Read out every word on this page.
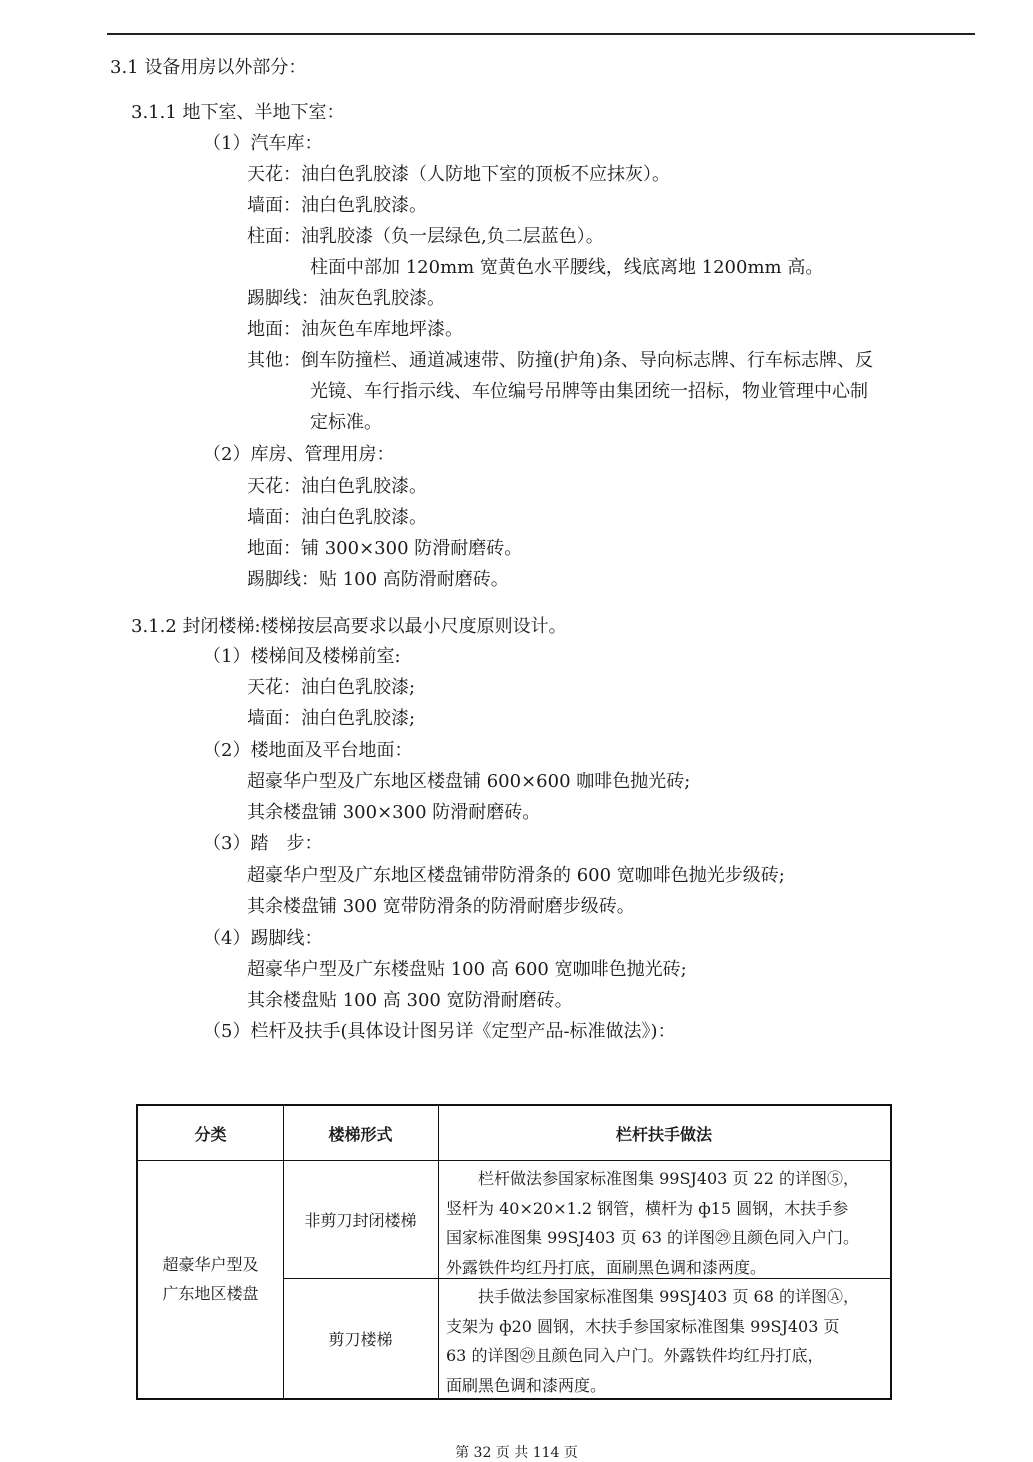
3.1 设备用房以外部分：
3.1.1 地下室、半地下室：
（1）汽车库：
天花：油白色乳胶漆（人防地下室的顶板不应抹灰）。
墙面：油白色乳胶漆。
柱面：油乳胶漆（负一层绿色,负二层蓝色）。
柱面中部加 120mm 宽黄色水平腰线，线底离地 1200mm 高。
踢脚线：油灰色乳胶漆。
地面：油灰色车库地坪漆。
其他：倒车防撞栏、通道减速带、防撞(护角)条、导向标志牌、行车标志牌、反
光镜、车行指示线、车位编号吊牌等由集团统一招标，物业管理中心制
定标准。
（2）库房、管理用房：
天花：油白色乳胶漆。
墙面：油白色乳胶漆。
地面：铺 300×300 防滑耐磨砖。
踢脚线：贴 100 高防滑耐磨砖。
3.1.2 封闭楼梯:楼梯按层高要求以最小尺度原则设计。
（1）楼梯间及楼梯前室:
天花：油白色乳胶漆;
墙面：油白色乳胶漆;
（2）楼地面及平台地面：
超豪华户型及广东地区楼盘铺 600×600 咖啡色抛光砖;
其余楼盘铺 300×300 防滑耐磨砖。
（3）踏　步：
超豪华户型及广东地区楼盘铺带防滑条的 600 宽咖啡色抛光步级砖;
其余楼盘铺 300 宽带防滑条的防滑耐磨步级砖。
（4）踢脚线：
超豪华户型及广东楼盘贴 100 高 600 宽咖啡色抛光砖;
其余楼盘贴 100 高 300 宽防滑耐磨砖。
（5）栏杆及扶手(具体设计图另详《定型产品-标准做法》)：
分类	楼梯形式	栏杆扶手做法
超豪华户型及
广东地区楼盘
非剪刀封闭楼梯
　　栏杆做法参国家标准图集 99SJ403 页 22 的详图⑤，
竖杆为 40×20×1.2 钢管，横杆为 ф15 圆钢，木扶手参
国家标准图集 99SJ403 页 63 的详图㉙且颜色同入户门。
外露铁件均红丹打底，面刷黑色调和漆两度。
剪刀楼梯
　　扶手做法参国家标准图集 99SJ403 页 68 的详图Ⓐ，
支架为 ф20 圆钢，木扶手参国家标准图集 99SJ403 页
63 的详图㉙且颜色同入户门。外露铁件均红丹打底，
面刷黑色调和漆两度。
第 32 页 共 114 页
